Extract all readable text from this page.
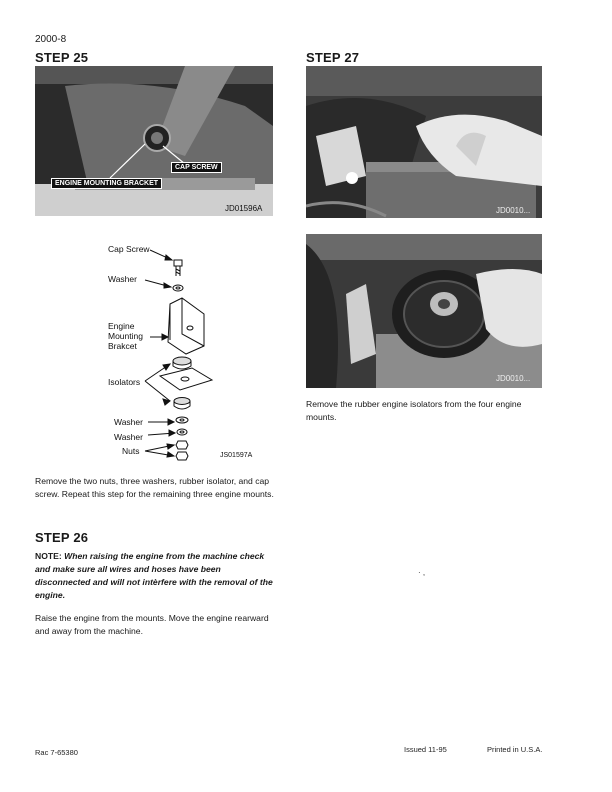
2000-8
STEP 25
CAP SCREW
ENGINE MOUNTING BRACKET
JD01596A
Cap Screw
Washer
Engine
Mounting
Brakcet
Isolators
Washer
Washer
Nuts	JS01597A
Remove the two nuts, three washers, rubber isolator, and cap screw. Repeat this step for the remaining three engine mounts.
STEP 26
NOTE: When raising the engine from the machine check and make sure all wires and hoses have been disconnected and will not intèrfere with the removal of the engine.
Raise the engine from the mounts. Move the engine rearward and away from the machine.
STEP 27
JD0010...
JD0010...
Remove the rubber engine isolators from the four engine mounts.
· ,
Rac 7-65380	Issued 11-95	Printed in U.S.A.
